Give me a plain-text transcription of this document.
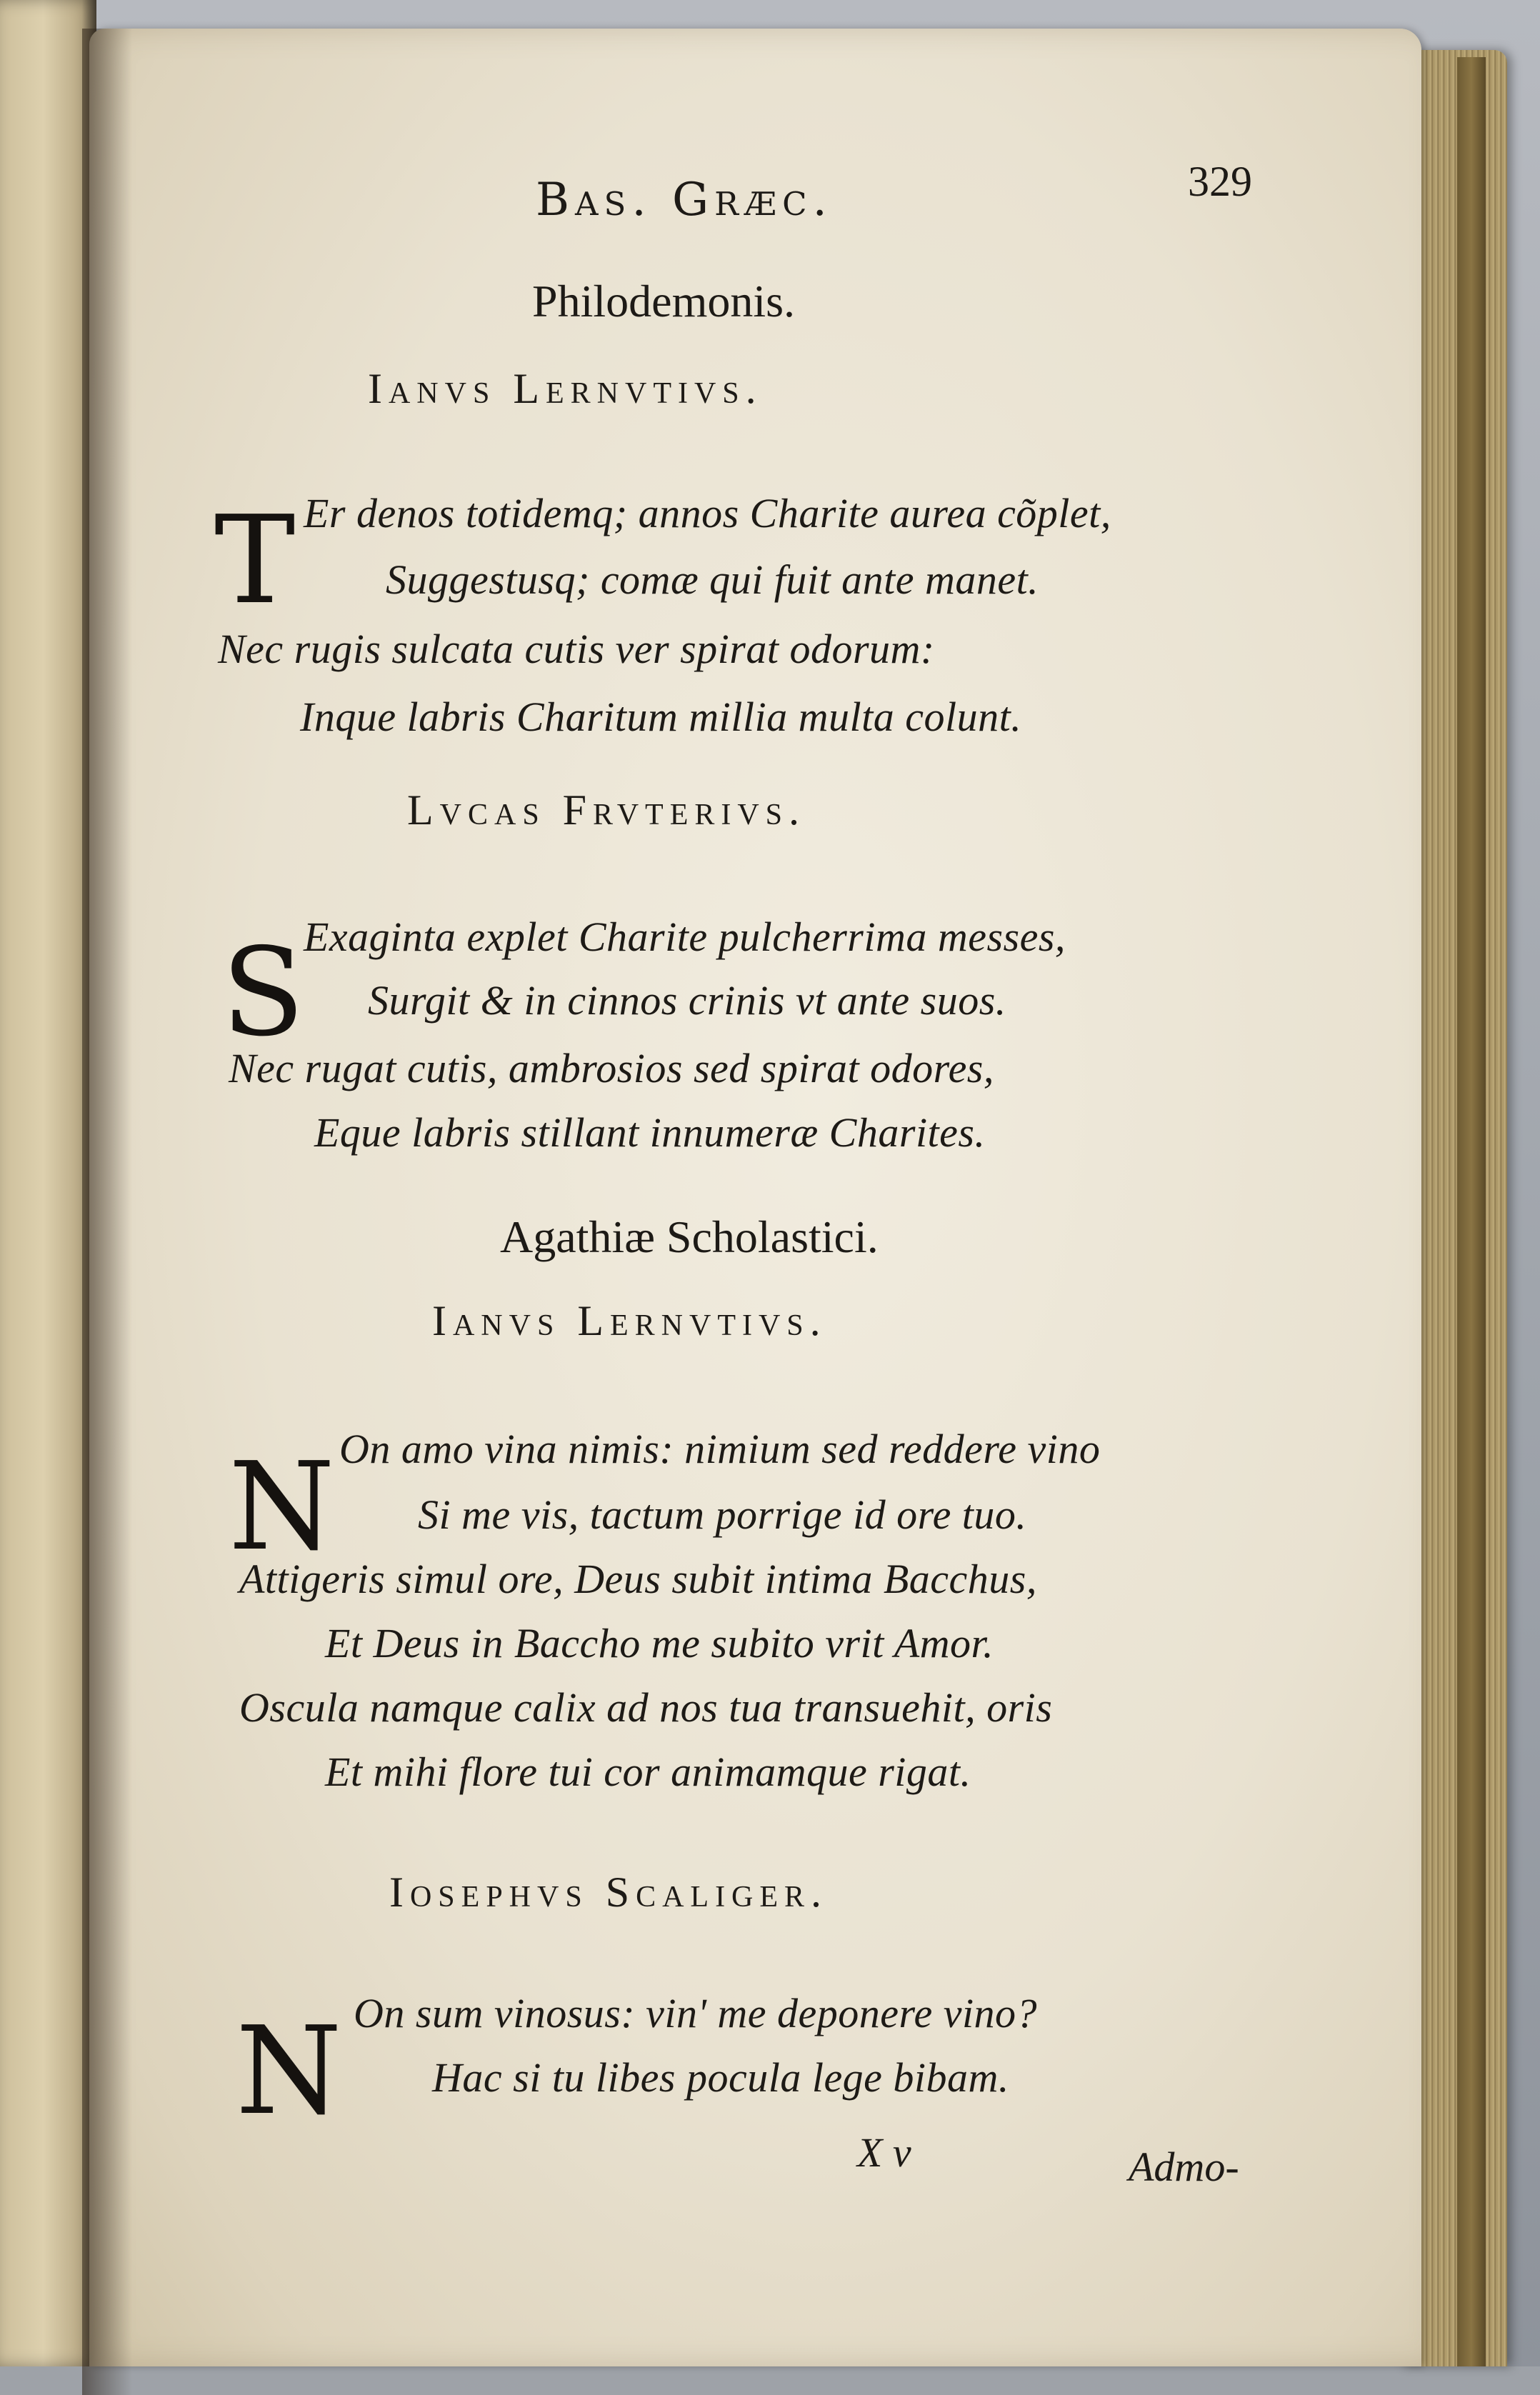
Bas. Græc.	329
Philodemonis.
Ianvs Lernvtivs.
T Er denos totidemq; annos Charite aurea cõplet,
Suggestusq; comæ qui fuit ante manet.
Nec rugis sulcata cutis ver spirat odorum:
Inque labris Charitum millia multa colunt.
Lvcas Frvterivs.
S
Exaginta explet Charite pulcherrima messes,
Surgit & in cinnos crinis vt ante suos.
Nec rugat cutis, ambrosios sed spirat odores,
Eque labris stillant innumeræ Charites.
Agathiæ Scholastici.
Ianvs Lernvtivs.
N On amo vina nimis: nimium sed reddere vino
Si me vis, tactum porrige id ore tuo.
Attigeris simul ore, Deus subit intima Bacchus,
Et Deus in Baccho me subito vrit Amor.
Oscula namque calix ad nos tua transuehit, oris
Et mihi flore tui cor animamque rigat.
Iosephvs Scaliger.
N On sum vinosus: vin' me deponere vino?
Hac si tu libes pocula lege bibam.
X v	Admo-
